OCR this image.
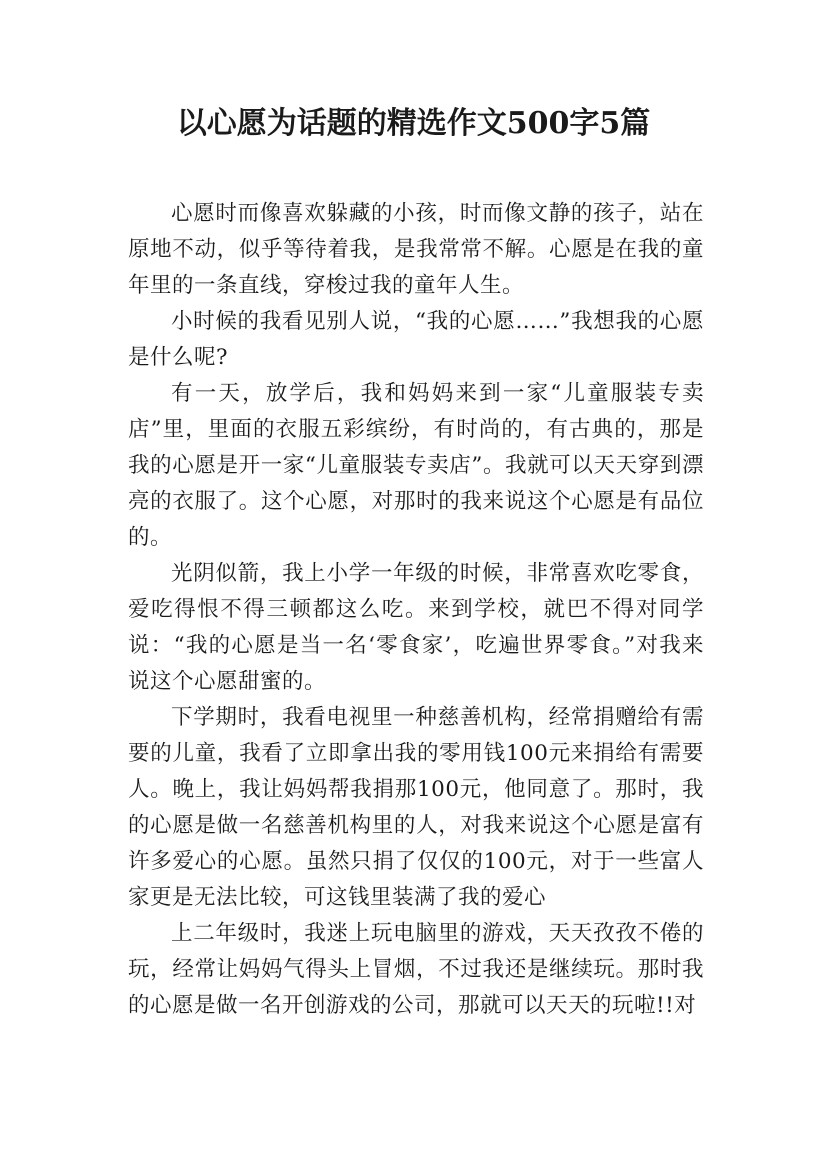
以心愿为话题的精选作文500字5篇

心愿时而像喜欢躲藏的小孩，时而像文静的孩子，站在原地不动，似乎等待着我，是我常常不解。心愿是在我的童年里的一条直线，穿梭过我的童年人生。

小时候的我看见别人说，“我的心愿……”我想我的心愿是什么呢?

有一天，放学后，我和妈妈来到一家“儿童服装专卖店”里，里面的衣服五彩缤纷，有时尚的，有古典的，那是我的心愿是开一家“儿童服装专卖店”。我就可以天天穿到漂亮的衣服了。这个心愿，对那时的我来说这个心愿是有品位的。

光阴似箭，我上小学一年级的时候，非常喜欢吃零食，爱吃得恨不得三顿都这么吃。来到学校，就巴不得对同学说：“我的心愿是当一名‘零食家’，吃遍世界零食。”对我来说这个心愿甜蜜的。

下学期时，我看电视里一种慈善机构，经常捐赠给有需要的儿童，我看了立即拿出我的零用钱100元来捐给有需要人。晚上，我让妈妈帮我捐那100元，他同意了。那时，我的心愿是做一名慈善机构里的人，对我来说这个心愿是富有许多爱心的心愿。虽然只捐了仅仅的100元，对于一些富人家更是无法比较，可这钱里装满了我的爱心

上二年级时，我迷上玩电脑里的游戏，天天孜孜不倦的玩，经常让妈妈气得头上冒烟，不过我还是继续玩。那时我的心愿是做一名开创游戏的公司，那就可以天天的玩啦!!对
